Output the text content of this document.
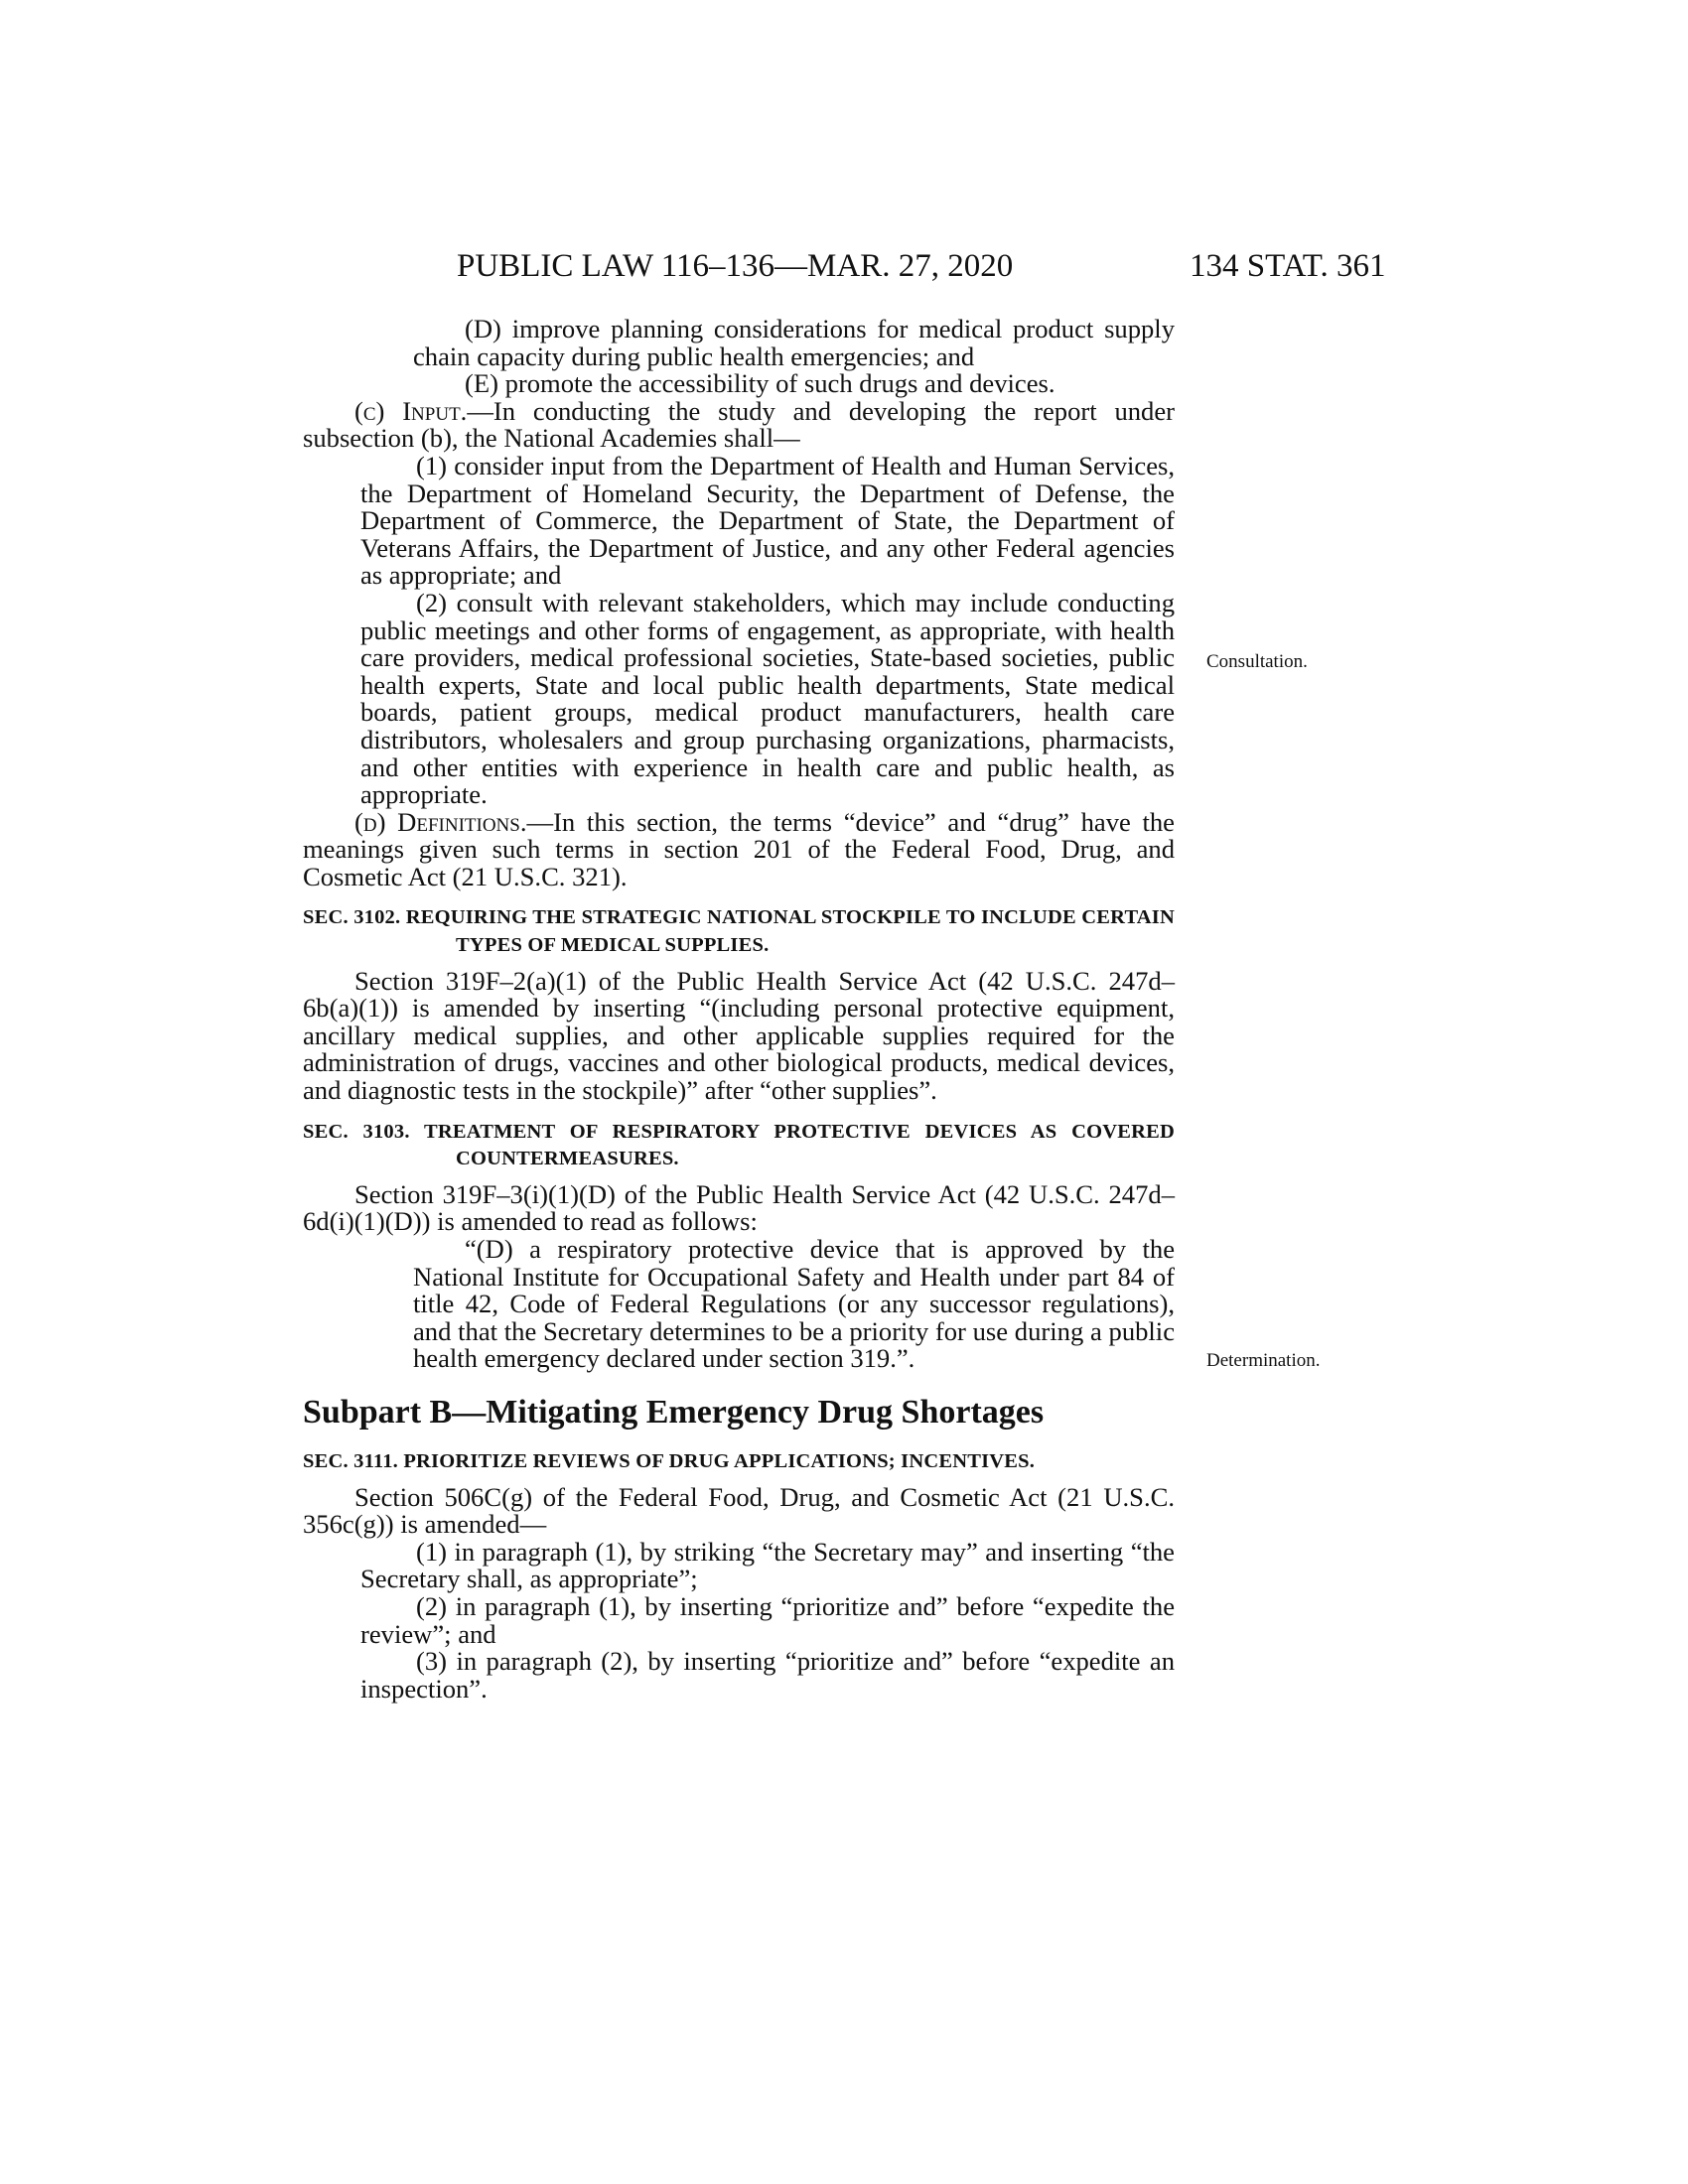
PUBLIC LAW 116–136—MAR. 27, 2020	134 STAT. 361
Consultation.
Determination.

(D) improve planning considerations for medical product supply chain capacity during public health emergencies; and

(E) promote the accessibility of such drugs and devices.

(c) Input.—In conducting the study and developing the report under subsection (b), the National Academies shall—

(1) consider input from the Department of Health and Human Services, the Department of Homeland Security, the Department of Defense, the Department of Commerce, the Department of State, the Department of Veterans Affairs, the Department of Justice, and any other Federal agencies as appropriate; and

(2) consult with relevant stakeholders, which may include conducting public meetings and other forms of engagement, as appropriate, with health care providers, medical professional societies, State-based societies, public health experts, State and local public health departments, State medical boards, patient groups, medical product manufacturers, health care distributors, wholesalers and group purchasing organizations, pharmacists, and other entities with experience in health care and public health, as appropriate.

(d) Definitions.—In this section, the terms “device” and “drug” have the meanings given such terms in section 201 of the Federal Food, Drug, and Cosmetic Act (21 U.S.C. 321).

SEC. 3102. REQUIRING THE STRATEGIC NATIONAL STOCKPILE TO INCLUDE CERTAIN TYPES OF MEDICAL SUPPLIES.

Section 319F–2(a)(1) of the Public Health Service Act (42 U.S.C. 247d–6b(a)(1)) is amended by inserting “(including personal protective equipment, ancillary medical supplies, and other applicable supplies required for the administration of drugs, vaccines and other biological products, medical devices, and diagnostic tests in the stockpile)” after “other supplies”.

SEC. 3103. TREATMENT OF RESPIRATORY PROTECTIVE DEVICES AS COVERED COUNTERMEASURES.

Section 319F–3(i)(1)(D) of the Public Health Service Act (42 U.S.C. 247d–6d(i)(1)(D)) is amended to read as follows:

“(D) a respiratory protective device that is approved by the National Institute for Occupational Safety and Health under part 84 of title 42, Code of Federal Regulations (or any successor regulations), and that the Secretary determines to be a priority for use during a public health emergency declared under section 319.”.

Subpart B—Mitigating Emergency Drug Shortages

SEC. 3111. PRIORITIZE REVIEWS OF DRUG APPLICATIONS; INCENTIVES.

Section 506C(g) of the Federal Food, Drug, and Cosmetic Act (21 U.S.C. 356c(g)) is amended—

(1) in paragraph (1), by striking “the Secretary may” and inserting “the Secretary shall, as appropriate”;

(2) in paragraph (1), by inserting “prioritize and” before “expedite the review”; and

(3) in paragraph (2), by inserting “prioritize and” before “expedite an inspection”.
